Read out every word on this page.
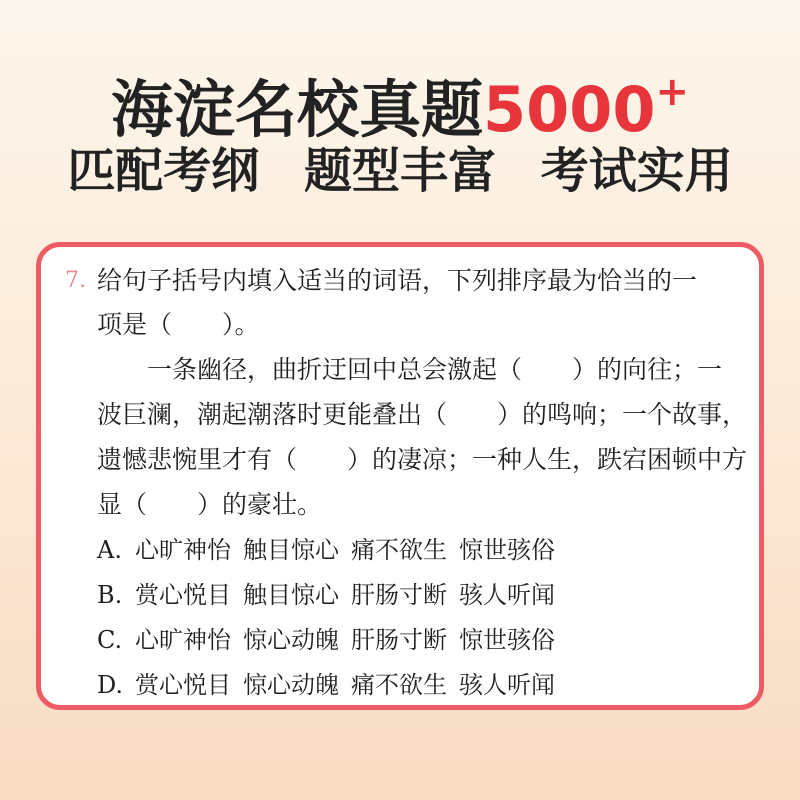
海淀名校真题5000+
匹配考纲 题型丰富 考试实用
7. 给句子括号内填入适当的词语，下列排序最为恰当的一
项是（　　）。
　　一条幽径，曲折迂回中总会激起（　　）的向往；一
波巨澜，潮起潮落时更能叠出（　　）的鸣响；一个故事，
遗憾悲惋里才有（　　）的凄凉；一种人生，跌宕困顿中方
显（　　）的豪壮。
A. 心旷神怡 触目惊心 痛不欲生 惊世骇俗
B. 赏心悦目 触目惊心 肝肠寸断 骇人听闻
C. 心旷神怡 惊心动魄 肝肠寸断 惊世骇俗
D. 赏心悦目 惊心动魄 痛不欲生 骇人听闻
